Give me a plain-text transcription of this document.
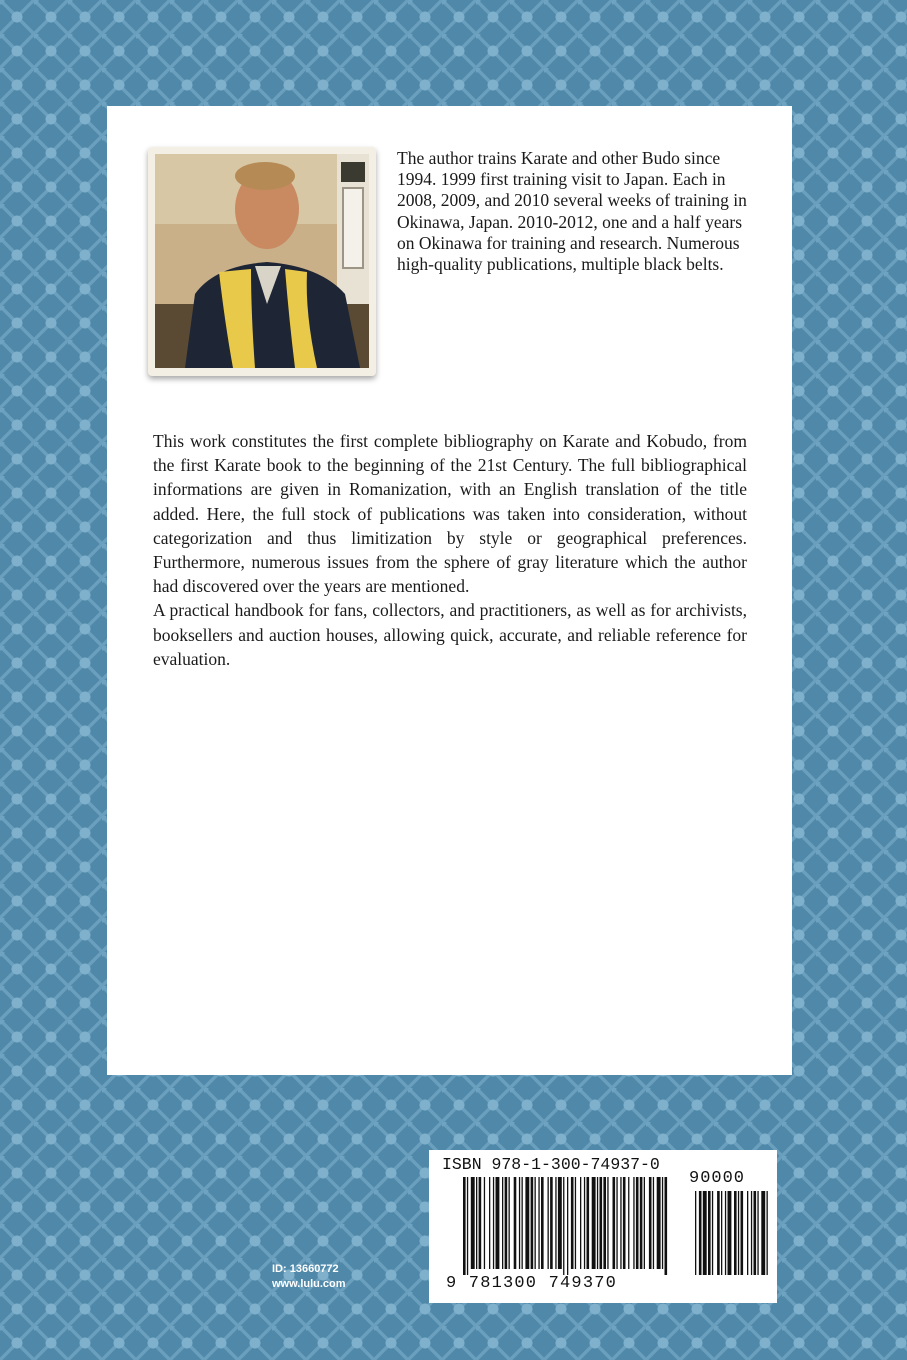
The author trains Karate and other Budo since 1994. 1999 first training visit to Japan. Each in 2008, 2009, and 2010 several weeks of training in Okinawa, Japan. 2010-2012, one and a half years on Okinawa for training and research. Numerous high-quality publications, multiple black belts.

This work constitutes the first complete bibliography on Karate and Kobudo, from the first Karate book to the beginning of the 21st Century. The full bibliographical informations are given in Romanization, with an English translation of the title added. Here, the full stock of publications was taken into consideration, without categorization and thus limitization by style or geographical preferences. Furthermore, numerous issues from the sphere of gray literature which the author had discovered over the years are mentioned.

A practical handbook for fans, collectors, and practitioners, as well as for archivists, booksellers and auction houses, allowing quick, accurate, and reliable reference for evaluation.

ID: 13660772
www.lulu.com
ISBN 978-1-300-74937-0
90000
9 781300 749370
